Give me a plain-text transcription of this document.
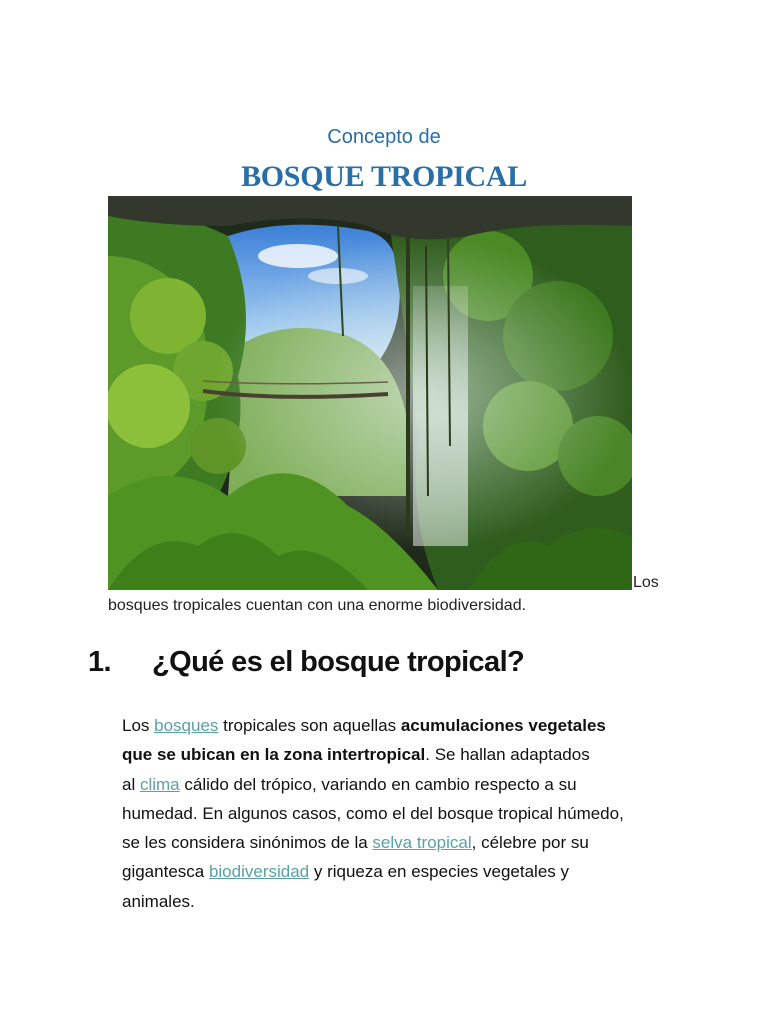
Concepto de
BOSQUE TROPICAL
Los
bosques tropicales cuentan con una enorme biodiversidad.
1. ¿Qué es el bosque tropical?
Los bosques tropicales son aquellas acumulaciones vegetales
que se ubican en la zona intertropical. Se hallan adaptados
al clima cálido del trópico, variando en cambio respecto a su
humedad. En algunos casos, como el del bosque tropical húmedo,
se les considera sinónimos de la selva tropical, célebre por su
gigantesca biodiversidad y riqueza en especies vegetales y
animales.
